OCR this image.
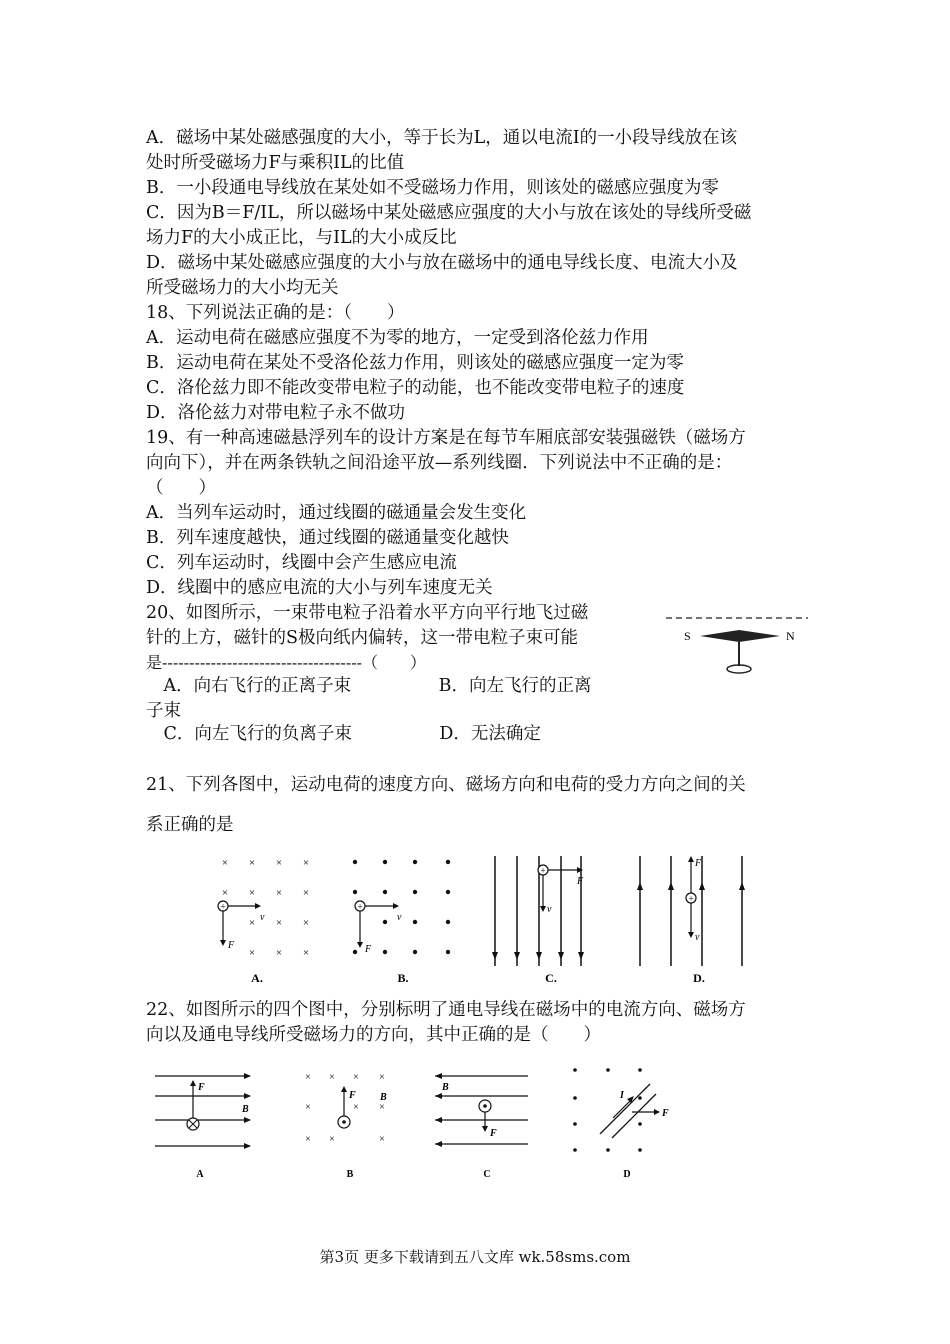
A．磁场中某处磁感强度的大小，等于长为L，通以电流I的一小段导线放在该
处时所受磁场力F与乘积IL的比值
B．一小段通电导线放在某处如不受磁场力作用，则该处的磁感应强度为零
C．因为B＝F/IL，所以磁场中某处磁感应强度的大小与放在该处的导线所受磁
场力F的大小成正比，与IL的大小成反比
D．磁场中某处磁感应强度的大小与放在磁场中的通电导线长度、电流大小及
所受磁场力的大小均无关
18、下列说法正确的是：（　　）
A．运动电荷在磁感应强度不为零的地方，一定受到洛伦兹力作用
B．运动电荷在某处不受洛伦兹力作用，则该处的磁感应强度一定为零
C．洛伦兹力即不能改变带电粒子的动能，也不能改变带电粒子的速度
D．洛伦兹力对带电粒子永不做功
19、有一种高速磁悬浮列车的设计方案是在每节车厢底部安装强磁铁（磁场方
向向下），并在两条铁轨之间沿途平放—系列线圈．下列说法中不正确的是：
（　　）
A．当列车运动时，通过线圈的磁通量会发生变化
B．列车速度越快，通过线圈的磁通量变化越快
C．列车运动时，线圈中会产生感应电流
D．线圈中的感应电流的大小与列车速度无关
20、如图所示，一束带电粒子沿着水平方向平行地飞过磁
针的上方，磁针的S极向纸内偏转，这一带电粒子束可能
是-------------------------------------（　　）
　A．向右飞行的正离子束　　　　　B．向左飞行的正离
子束
　C．向左飞行的负离子束　　　　　D．无法确定
21、下列各图中，运动电荷的速度方向、磁场方向和电荷的受力方向之间的关
系正确的是
22、如图所示的四个图中，分别标明了通电导线在磁场中的电流方向、磁场方
向以及通电导线所受磁场力的方向，其中正确的是（　　）
S	N
×
×
×
×
×
×
×
×
×
×
×
×
×
×
+
v
F
+
v
F
+
F
v
+
F
v
A.	B.	C.	D.
F
B
F B
F
B
I
F
×
×
×
×
×
×
×
×
×
×
A	B	C	D
第3页 更多下载请到五八文库 wk.58sms.com
